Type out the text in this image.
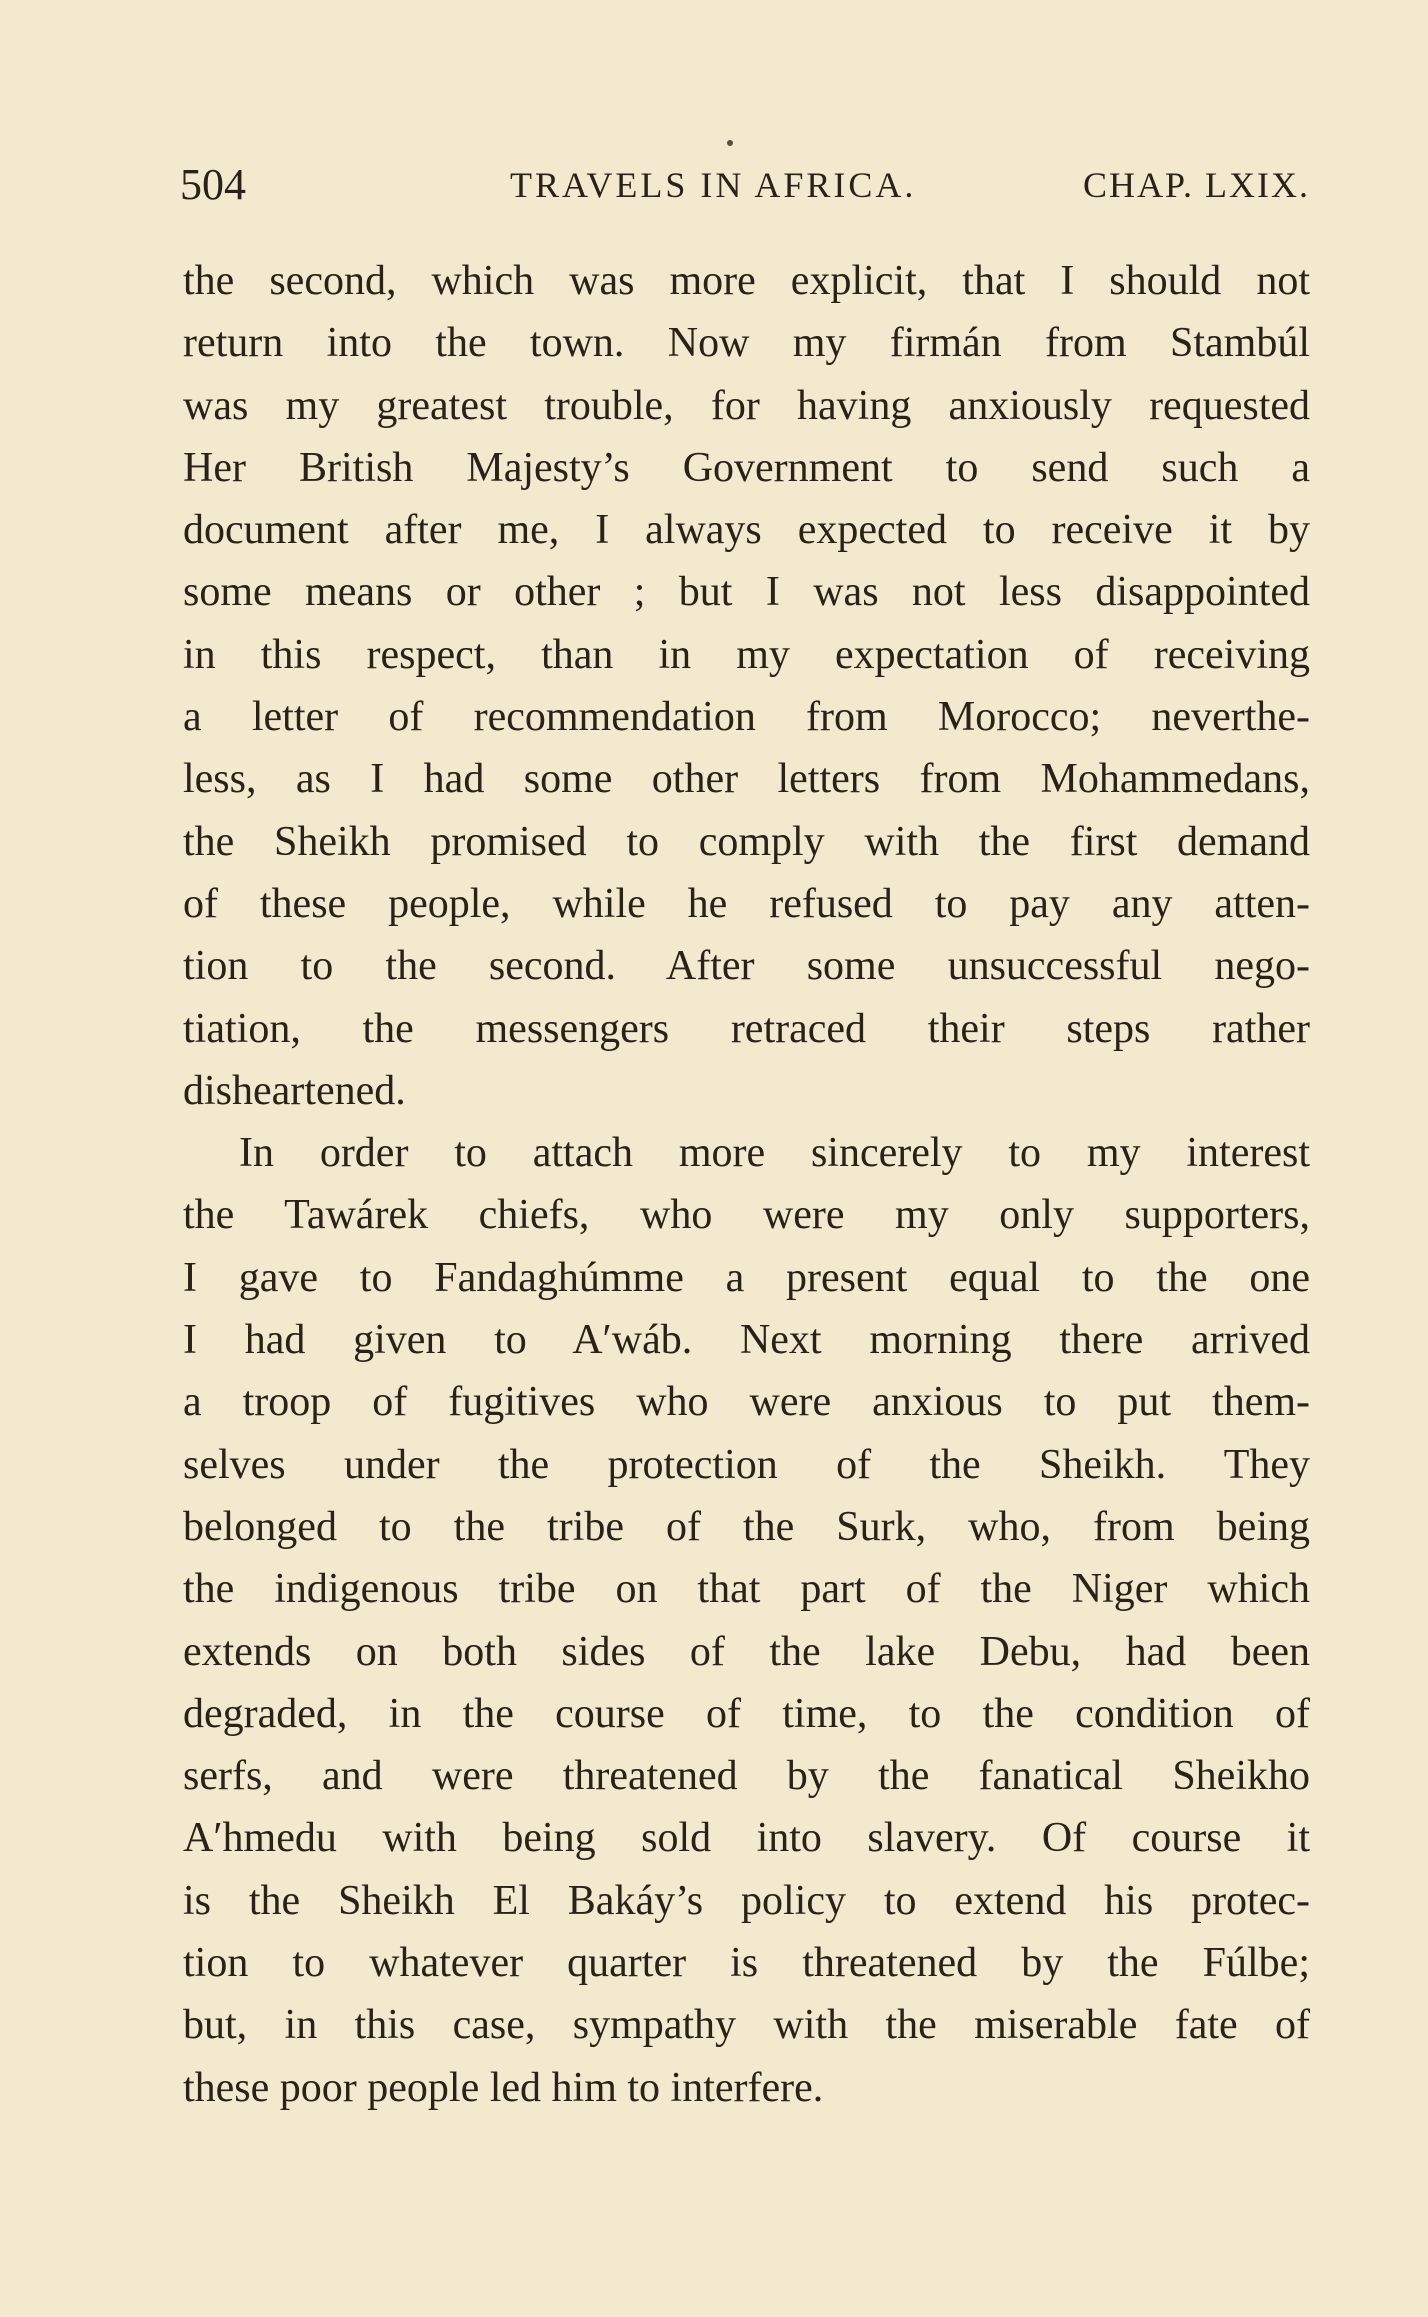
504	TRAVELS IN AFRICA.	CHAP. LXIX.
the second, which was more explicit, that I should not
return into the town. Now my firmán from Stambúl
was my greatest trouble, for having anxiously requested
Her British Majesty’s Government to send such a
document after me, I always expected to receive it by
some means or other ; but I was not less disappointed
in this respect, than in my expectation of receiving
a letter of recommendation from Morocco; neverthe-
less, as I had some other letters from Mohammedans,
the Sheikh promised to comply with the first demand
of these people, while he refused to pay any atten-
tion to the second. After some unsuccessful nego-
tiation, the messengers retraced their steps rather
disheartened.
In order to attach more sincerely to my interest
the Tawárek chiefs, who were my only supporters,
I gave to Fandaghúmme a present equal to the one
I had given to A′wáb. Next morning there arrived
a troop of fugitives who were anxious to put them-
selves under the protection of the Sheikh. They
belonged to the tribe of the Surk, who, from being
the indigenous tribe on that part of the Niger which
extends on both sides of the lake Debu, had been
degraded, in the course of time, to the condition of
serfs, and were threatened by the fanatical Sheikho
A′hmedu with being sold into slavery. Of course it
is the Sheikh El Bakáy’s policy to extend his protec-
tion to whatever quarter is threatened by the Fúlbe;
but, in this case, sympathy with the miserable fate of
these poor people led him to interfere.
